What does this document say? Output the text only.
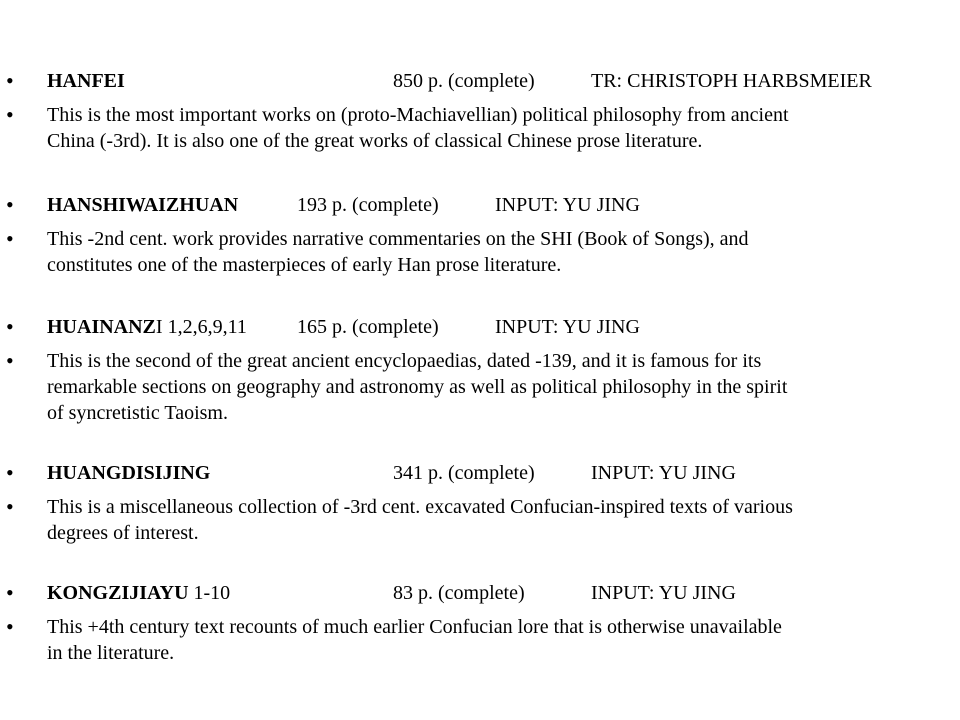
• HANFEI	850 p. (complete)	TR: CHRISTOPH HARBSMEIER
• This is the most important works on (proto-Machiavellian) political philosophy from ancient
China (-3rd). It is also one of the great works of classical Chinese prose literature.
• HANSHIWAIZHUAN	193 p. (complete)	INPUT: YU JING
• This -2nd cent. work provides narrative commentaries on the SHI (Book of Songs), and
constitutes one of the masterpieces of early Han prose literature.
• HUAINANZI 1,2,6,9,11	165 p. (complete)	INPUT: YU JING
• This is the second of the great ancient encyclopaedias, dated -139, and it is famous for its
remarkable sections on geography and astronomy as well as political philosophy in the spirit
of syncretistic Taoism.
• HUANGDISIJING	341 p. (complete)	INPUT: YU JING
• This is a miscellaneous collection of -3rd cent. excavated Confucian-inspired texts of various
degrees of interest.
• KONGZIJIAYU 1-10	83 p. (complete)	INPUT: YU JING
• This +4th century text recounts of much earlier Confucian lore that is otherwise unavailable
in the literature.
